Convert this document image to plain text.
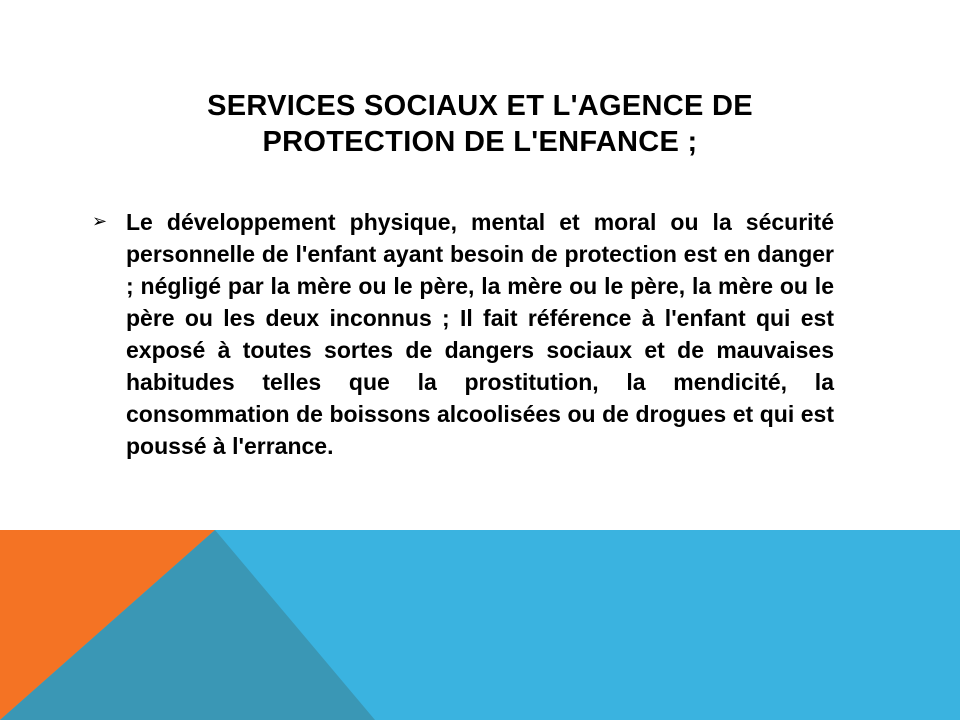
SERVICES SOCIAUX ET L'AGENCE DE
PROTECTION DE L'ENFANCE ;
➢ Le développement physique, mental et moral ou la sécurité personnelle de l'enfant ayant besoin de protection est en danger ; négligé par la mère ou le père, la mère ou le père, la mère ou le père ou les deux inconnus ; Il fait référence à l'enfant qui est exposé à toutes sortes de dangers sociaux et de mauvaises habitudes telles que la prostitution, la mendicité, la consommation de boissons alcoolisées ou de drogues et qui est poussé à l'errance.
